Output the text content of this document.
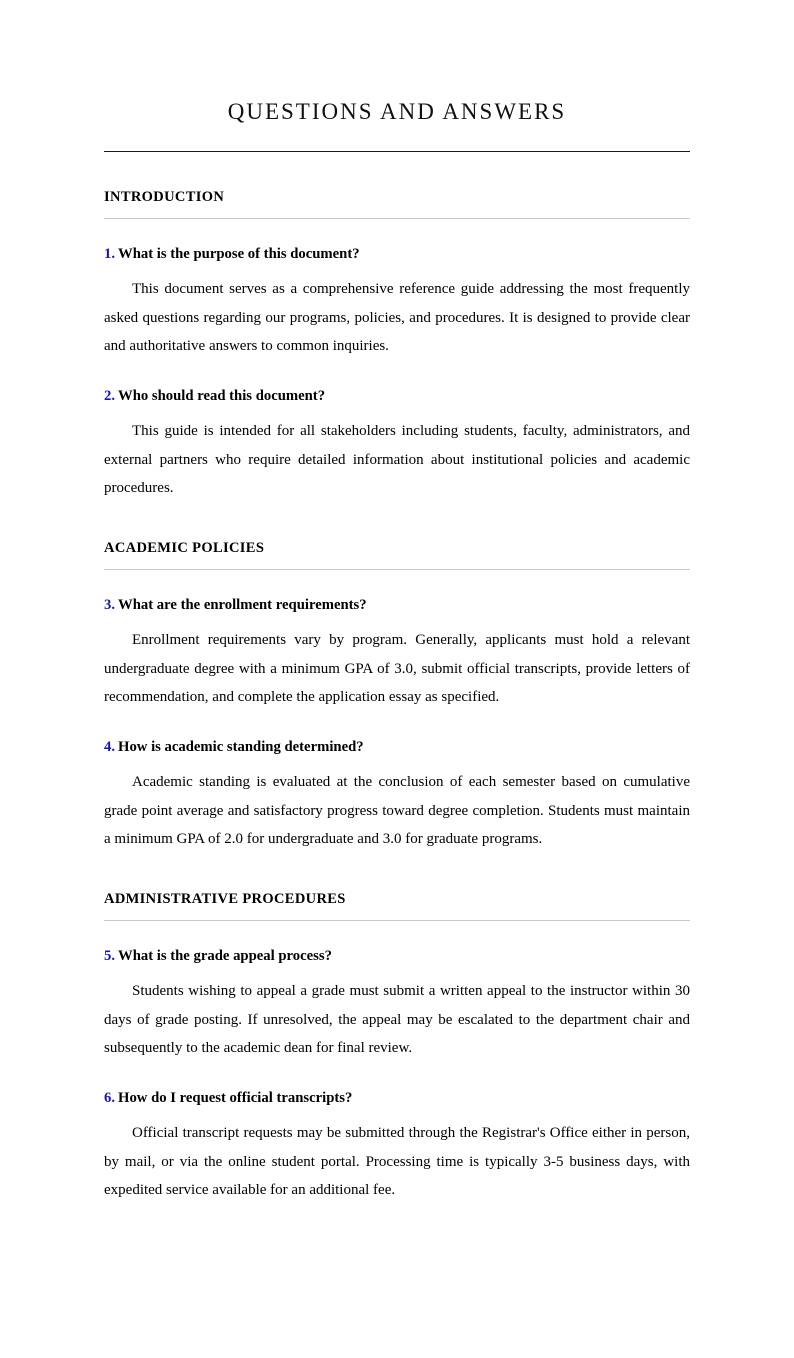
QUESTIONS AND ANSWERS
INTRODUCTION

1. What is the purpose of this document?

This document serves as a comprehensive reference guide addressing the most frequently asked questions regarding our programs, policies, and procedures. It is designed to provide clear and authoritative answers to common inquiries.

2. Who should read this document?

This guide is intended for all stakeholders including students, faculty, administrators, and external partners who require detailed information about institutional policies and academic procedures.

ACADEMIC POLICIES

3. What are the enrollment requirements?

Enrollment requirements vary by program. Generally, applicants must hold a relevant undergraduate degree with a minimum GPA of 3.0, submit official transcripts, provide letters of recommendation, and complete the application essay as specified.

4. How is academic standing determined?

Academic standing is evaluated at the conclusion of each semester based on cumulative grade point average and satisfactory progress toward degree completion. Students must maintain a minimum GPA of 2.0 for undergraduate and 3.0 for graduate programs.

ADMINISTRATIVE PROCEDURES

5. What is the grade appeal process?

Students wishing to appeal a grade must submit a written appeal to the instructor within 30 days of grade posting. If unresolved, the appeal may be escalated to the department chair and subsequently to the academic dean for final review.

6. How do I request official transcripts?

Official transcript requests may be submitted through the Registrar's Office either in person, by mail, or via the online student portal. Processing time is typically 3-5 business days, with expedited service available for an additional fee.
